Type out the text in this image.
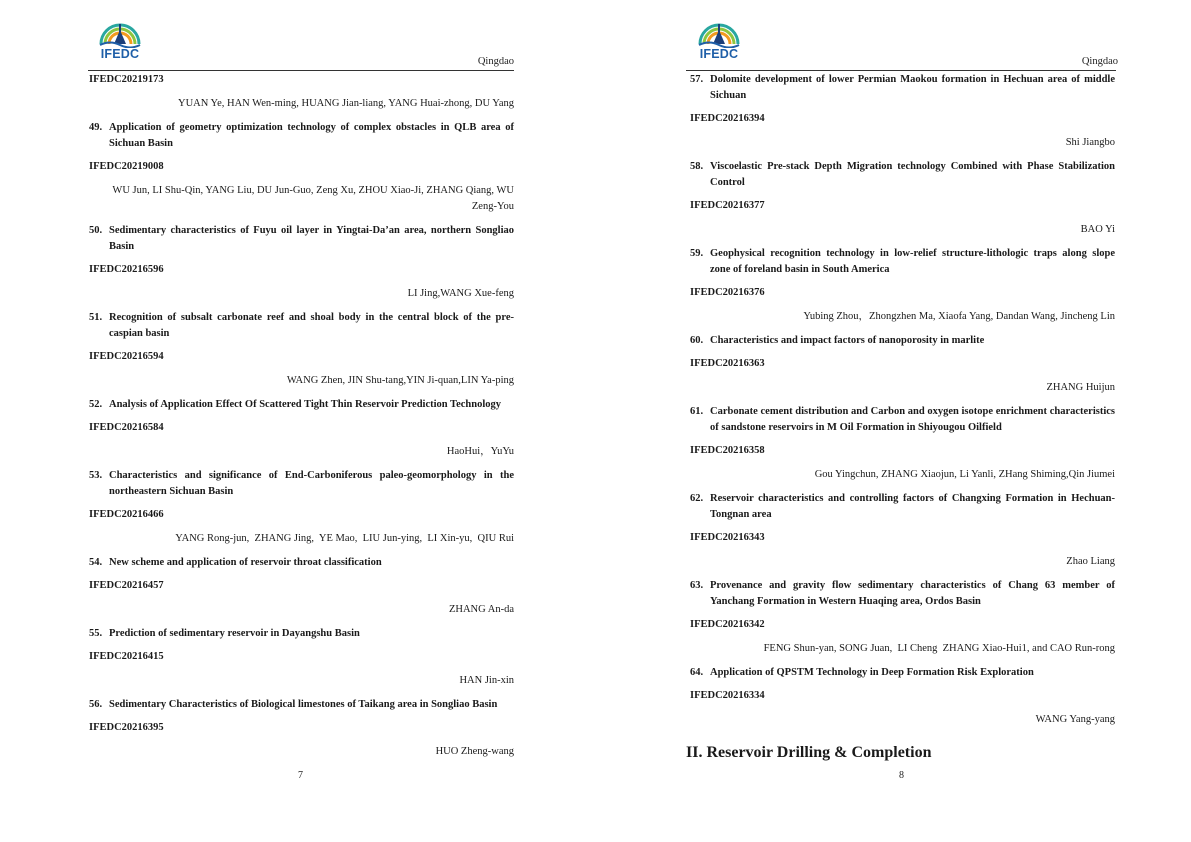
IFEDC
Qingdao
IFEDC20219173
YUAN Ye, HAN Wen-ming, HUANG Jian-liang, YANG Huai-zhong, DU Yang
49. Application of geometry optimization technology of complex obstacles in QLB area of Sichuan Basin
IFEDC20219008
WU Jun, LI Shu-Qin, YANG Liu, DU Jun-Guo, Zeng Xu, ZHOU Xiao-Ji, ZHANG Qiang, WU Zeng-You
50. Sedimentary characteristics of Fuyu oil layer in Yingtai-Da’an area, northern Songliao Basin
IFEDC20216596
LI Jing,WANG Xue-feng
51. Recognition of subsalt carbonate reef and shoal body in the central block of the pre-caspian basin
IFEDC20216594
WANG Zhen, JIN Shu-tang,YIN Ji-quan,LIN Ya-ping
52. Analysis of Application Effect Of Scattered Tight Thin Reservoir Prediction Technology
IFEDC20216584
HaoHui，YuYu
53. Characteristics and significance of End-Carboniferous paleo-geomorphology in the northeastern Sichuan Basin
IFEDC20216466
YANG Rong-jun,  ZHANG Jing,  YE Mao,  LIU Jun-ying,  LI Xin-yu,  QIU Rui
54. New scheme and application of reservoir throat classification
IFEDC20216457
ZHANG An-da
55. Prediction of sedimentary reservoir in Dayangshu Basin
IFEDC20216415
HAN Jin-xin
56. Sedimentary Characteristics of Biological limestones of Taikang area in Songliao Basin
IFEDC20216395
HUO Zheng-wang
7
IFEDC
Qingdao
57. Dolomite development of lower Permian Maokou formation in Hechuan area of middle Sichuan
IFEDC20216394
Shi Jiangbo
58. Viscoelastic Pre-stack Depth Migration technology Combined with Phase Stabilization Control
IFEDC20216377
BAO Yi
59. Geophysical recognition technology in low-relief structure-lithologic traps along slope zone of foreland basin in South America
IFEDC20216376
Yubing Zhou，Zhongzhen Ma, Xiaofa Yang, Dandan Wang, Jincheng Lin
60. Characteristics and impact factors of nanoporosity in marlite
IFEDC20216363
ZHANG Huijun
61. Carbonate cement distribution and Carbon and oxygen isotope enrichment characteristics of sandstone reservoirs in M Oil Formation in Shiyougou Oilfield
IFEDC20216358
Gou Yingchun, ZHANG Xiaojun, Li Yanli, ZHang Shiming,Qin Jiumei
62. Reservoir characteristics and controlling factors of Changxing Formation in Hechuan-Tongnan area
IFEDC20216343
Zhao Liang
63. Provenance and gravity flow sedimentary characteristics of Chang 63 member of Yanchang Formation in Western Huaqing area, Ordos Basin
IFEDC20216342
FENG Shun-yan, SONG Juan,  LI Cheng  ZHANG Xiao-Hui1, and CAO Run-rong
64. Application of QPSTM Technology in Deep Formation Risk Exploration
IFEDC20216334
WANG Yang-yang
II. Reservoir Drilling & Completion
8
